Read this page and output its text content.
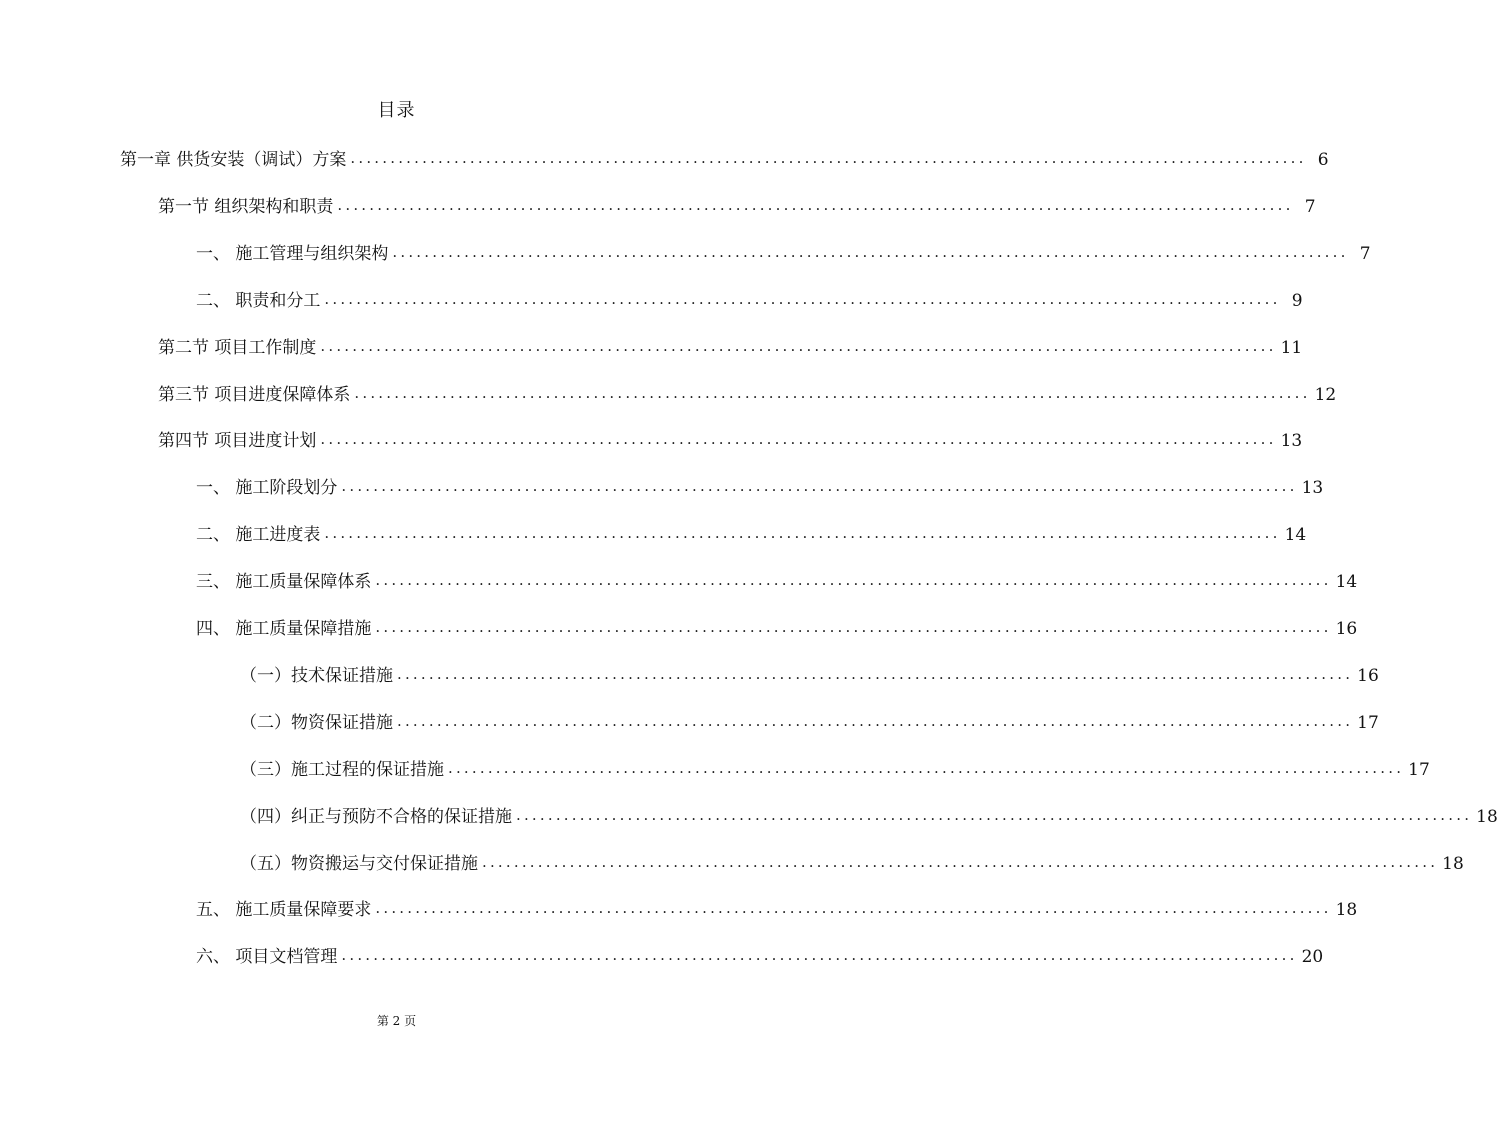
目录
第一章 供货安装（调试）方案 ........................................................................................................................ 6
第一节 组织架构和职责 ........................................................................................................................ 7
一、 施工管理与组织架构 ........................................................................................................................ 7
二、 职责和分工 ........................................................................................................................ 9
第二节 项目工作制度 ........................................................................................................................ 11
第三节 项目进度保障体系 ........................................................................................................................ 12
第四节 项目进度计划 ........................................................................................................................ 13
一、 施工阶段划分 ........................................................................................................................ 13
二、 施工进度表 ........................................................................................................................ 14
三、 施工质量保障体系 ........................................................................................................................ 14
四、 施工质量保障措施 ........................................................................................................................ 16
（一）技术保证措施 ........................................................................................................................ 16
（二）物资保证措施 ........................................................................................................................ 17
（三）施工过程的保证措施 ........................................................................................................................ 17
（四）纠正与预防不合格的保证措施 ........................................................................................................................ 18
（五）物资搬运与交付保证措施 ........................................................................................................................ 18
五、 施工质量保障要求 ........................................................................................................................ 18
六、 项目文档管理 ........................................................................................................................ 20
第 2 页
